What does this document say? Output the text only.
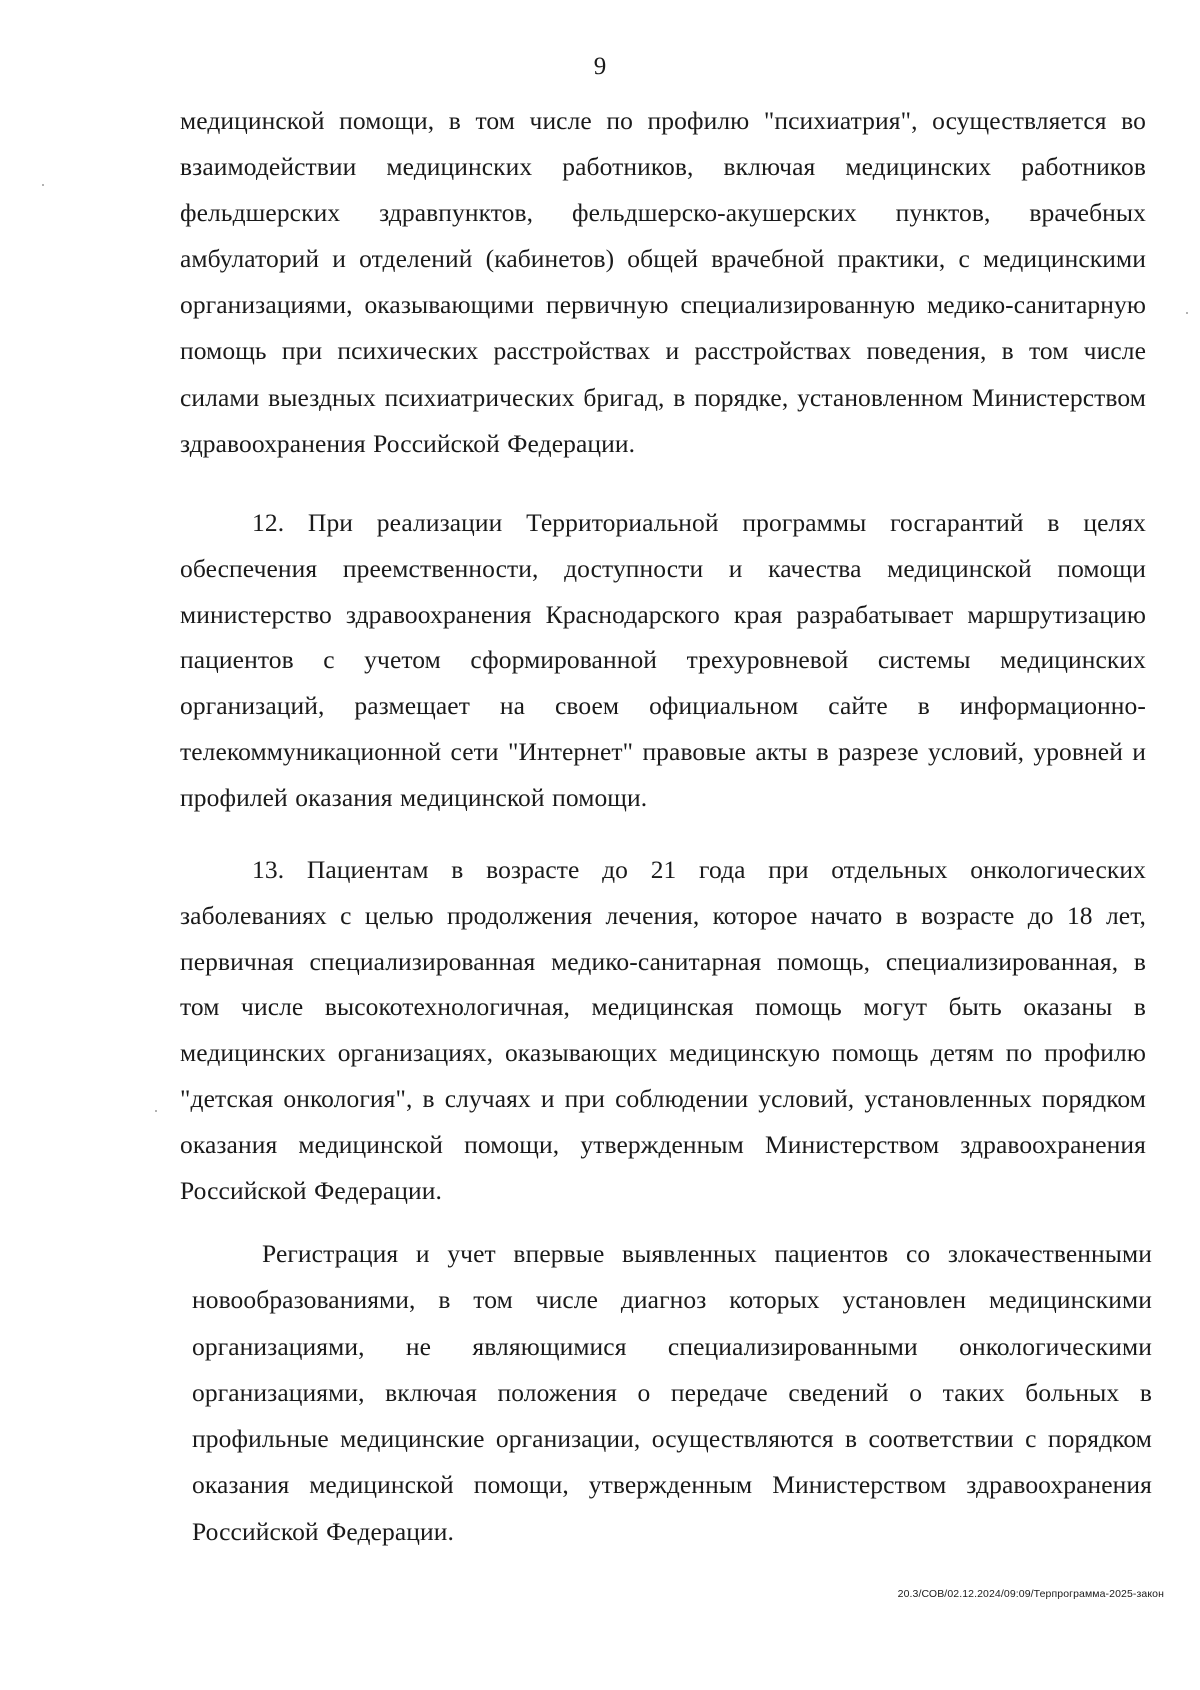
9

медицинской помощи, в том числе по профилю "психиатрия", осуществляется во взаимодействии медицинских работников, включая медицинских работников фельдшерских здравпунктов, фельдшерско-акушерских пунктов, врачебных амбулаторий и отделений (кабинетов) общей врачебной практики, с медицинскими организациями, оказывающими первичную специализированную медико-санитарную помощь при психических расстройствах и расстройствах поведения, в том числе силами выездных психиатрических бригад, в порядке, установленном Министерством здравоохранения Российской Федерации.

12. При реализации Территориальной программы госгарантий в целях обеспечения преемственности, доступности и качества медицинской помощи министерство здравоохранения Краснодарского края разрабатывает маршрутизацию пациентов с учетом сформированной трехуровневой системы медицинских организаций, размещает на своем официальном сайте в информационно-телекоммуникационной сети "Интернет" правовые акты в разрезе условий, уровней и профилей оказания медицинской помощи.

13. Пациентам в возрасте до 21 года при отдельных онкологических заболеваниях с целью продолжения лечения, которое начато в возрасте до 18 лет, первичная специализированная медико-санитарная помощь, специализированная, в том числе высокотехнологичная, медицинская помощь могут быть оказаны в медицинских организациях, оказывающих медицинскую помощь детям по профилю "детская онкология", в случаях и при соблюдении условий, установленных порядком оказания медицинской помощи, утвержденным Министерством здравоохранения Российской Федерации.

Регистрация и учет впервые выявленных пациентов со злокачественными новообразованиями, в том числе диагноз которых установлен медицинскими организациями, не являющимися специализированными онкологическими организациями, включая положения о передаче сведений о таких больных в профильные медицинские организации, осуществляются в соответствии с порядком оказания медицинской помощи, утвержденным Министерством здравоохранения Российской Федерации.

20.3/СОВ/02.12.2024/09:09/Терпрограмма-2025-закон
